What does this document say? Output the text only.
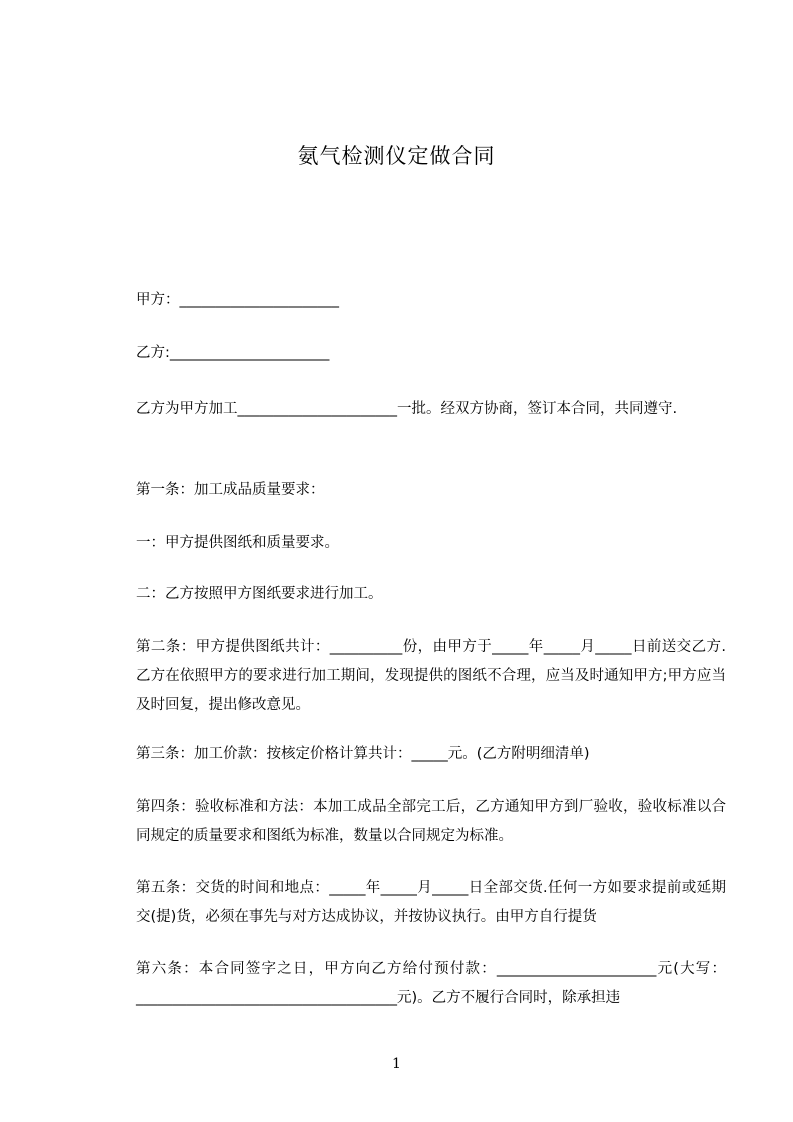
氨气检测仪定做合同
甲方：______________________
乙方:______________________
乙方为甲方加工______________________一批。经双方协商，签订本合同，共同遵守.
第一条：加工成品质量要求：
一：甲方提供图纸和质量要求。
二：乙方按照甲方图纸要求进行加工。
第二条：甲方提供图纸共计：__________份，由甲方于_____年_____月_____日前送交乙方.乙方在依照甲方的要求进行加工期间，发现提供的图纸不合理，应当及时通知甲方;甲方应当及时回复，提出修改意见。
第三条：加工价款：按核定价格计算共计：_____元。(乙方附明细清单)
第四条：验收标准和方法：本加工成品全部完工后，乙方通知甲方到厂验收，验收标准以合同规定的质量要求和图纸为标准，数量以合同规定为标准。
第五条：交货的时间和地点：_____年_____月_____日全部交货.任何一方如要求提前或延期交(提)货，必须在事先与对方达成协议，并按协议执行。由甲方自行提货
第六条：本合同签字之日，甲方向乙方给付预付款：______________________元(大写：____________________________________元)。乙方不履行合同时，除承担违
1
